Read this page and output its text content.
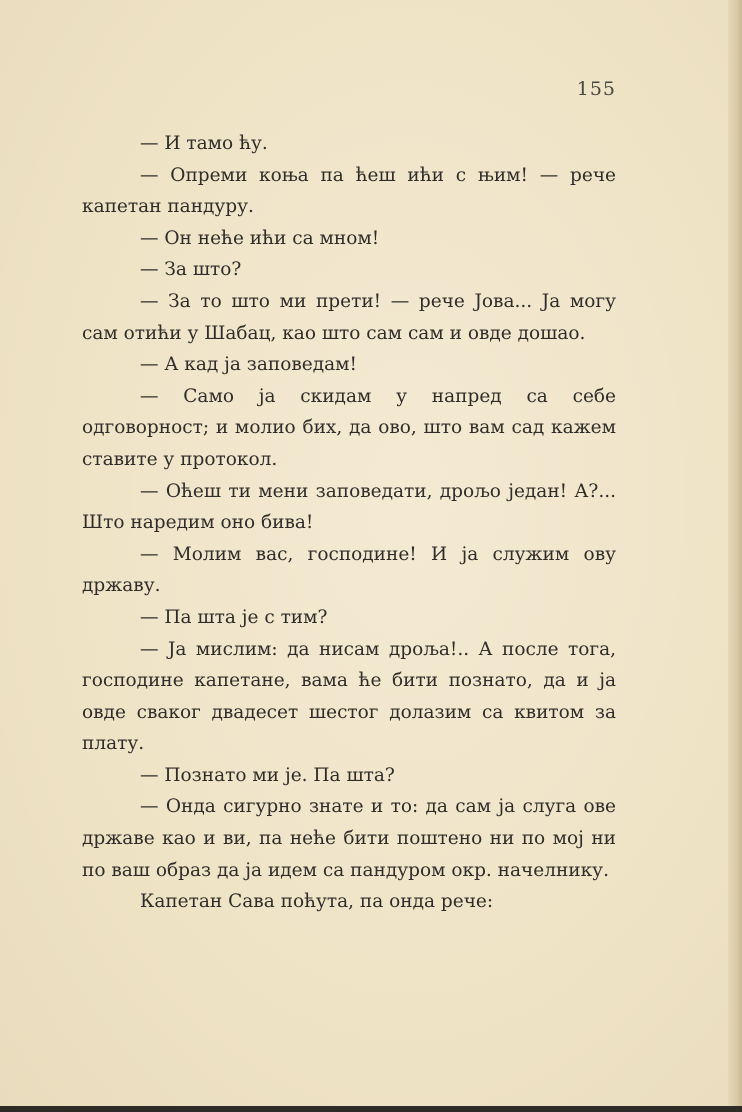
155

— И тамо ћу.

— Опреми коња па ћеш ићи с њим! — рече капетан пандуру.

— Он неће ићи са мном!

— За што?

— За то што ми прети! — рече Јова... Ја могу сам отићи у Шабац, као што сам сам и овде дошао.

— А кад ја заповедам!

— Само ја скидам у напред са себе одговорност; и молио бих, да ово, што вам сад кажем ставите у протокол.

— Оћеш ти мени заповедати, дрољо један! А?... Што наредим оно бива!

— Молим вас, господине! И ја служим ову државу.

— Па шта је с тим?

— Ја мислим: да нисам дроља!.. А после тога, господине капетане, вама ће бити познато, да и ја овде сваког двадесет шестог долазим са квитом за плату.

— Познато ми је. Па шта?

— Онда сигурно знате и то: да сам ја слуга ове државе као и ви, па неће бити поштено ни по мој ни по ваш образ да ја идем са пандуром окр. начелнику.

Капетан Сава поћута, па онда рече:
